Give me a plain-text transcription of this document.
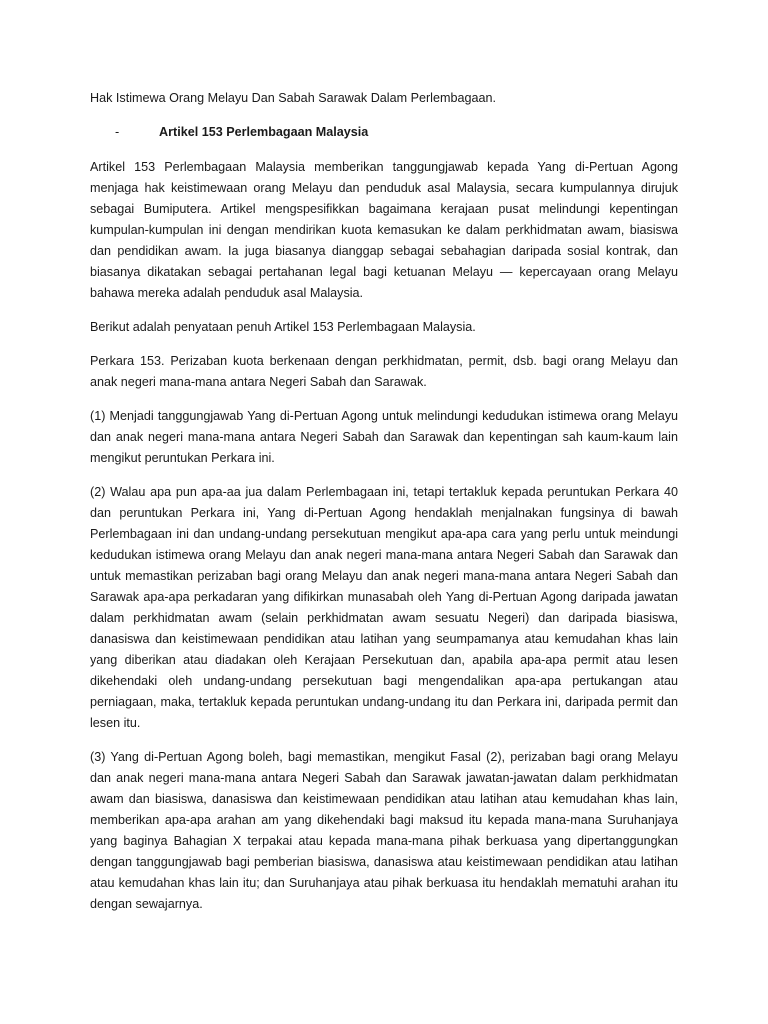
Hak Istimewa Orang Melayu Dan Sabah Sarawak Dalam Perlembagaan.
-	Artikel 153 Perlembagaan Malaysia

Artikel 153 Perlembagaan Malaysia memberikan tanggungjawab kepada Yang di-Pertuan Agong menjaga hak keistimewaan orang Melayu dan penduduk asal Malaysia, secara kumpulannya dirujuk sebagai Bumiputera. Artikel mengspesifikkan bagaimana kerajaan pusat melindungi kepentingan kumpulan-kumpulan ini dengan mendirikan kuota kemasukan ke dalam perkhidmatan awam, biasiswa dan pendidikan awam. Ia juga biasanya dianggap sebagai sebahagian daripada sosial kontrak, dan biasanya dikatakan sebagai pertahanan legal bagi ketuanan Melayu — kepercayaan orang Melayu bahawa mereka adalah penduduk asal Malaysia.

Berikut adalah penyataan penuh Artikel 153 Perlembagaan Malaysia.

Perkara 153. Perizaban kuota berkenaan dengan perkhidmatan, permit, dsb. bagi orang Melayu dan anak negeri mana-mana antara Negeri Sabah dan Sarawak.

(1) Menjadi tanggungjawab Yang di-Pertuan Agong untuk melindungi kedudukan istimewa orang Melayu dan anak negeri mana-mana antara Negeri Sabah dan Sarawak dan kepentingan sah kaum-kaum lain mengikut peruntukan Perkara ini.

(2) Walau apa pun apa-aa jua dalam Perlembagaan ini, tetapi tertakluk kepada peruntukan Perkara 40 dan peruntukan Perkara ini, Yang di-Pertuan Agong hendaklah menjalnakan fungsinya di bawah Perlembagaan ini dan undang-undang persekutuan mengikut apa-apa cara yang perlu untuk meindungi kedudukan istimewa orang Melayu dan anak negeri mana-mana antara Negeri Sabah dan Sarawak dan untuk memastikan perizaban bagi orang Melayu dan anak negeri mana-mana antara Negeri Sabah dan Sarawak apa-apa perkadaran yang difikirkan munasabah oleh Yang di-Pertuan Agong daripada jawatan dalam perkhidmatan awam (selain perkhidmatan awam sesuatu Negeri) dan daripada biasiswa, danasiswa dan keistimewaan pendidikan atau latihan yang seumpamanya atau kemudahan khas lain yang diberikan atau diadakan oleh Kerajaan Persekutuan dan, apabila apa-apa permit atau lesen dikehendaki oleh undang-undang persekutuan bagi mengendalikan apa-apa pertukangan atau perniagaan, maka, tertakluk kepada peruntukan undang-undang itu dan Perkara ini, daripada permit dan lesen itu.

(3) Yang di-Pertuan Agong boleh, bagi memastikan, mengikut Fasal (2), perizaban bagi orang Melayu dan anak negeri mana-mana antara Negeri Sabah dan Sarawak jawatan-jawatan dalam perkhidmatan awam dan biasiswa, danasiswa dan keistimewaan pendidikan atau latihan atau kemudahan khas lain, memberikan apa-apa arahan am yang dikehendaki bagi maksud itu kepada mana-mana Suruhanjaya yang baginya Bahagian X terpakai atau kepada mana-mana pihak berkuasa yang dipertanggungkan dengan tanggungjawab bagi pemberian biasiswa, danasiswa atau keistimewaan pendidikan atau latihan atau kemudahan khas lain itu; dan Suruhanjaya atau pihak berkuasa itu hendaklah mematuhi arahan itu dengan sewajarnya.
